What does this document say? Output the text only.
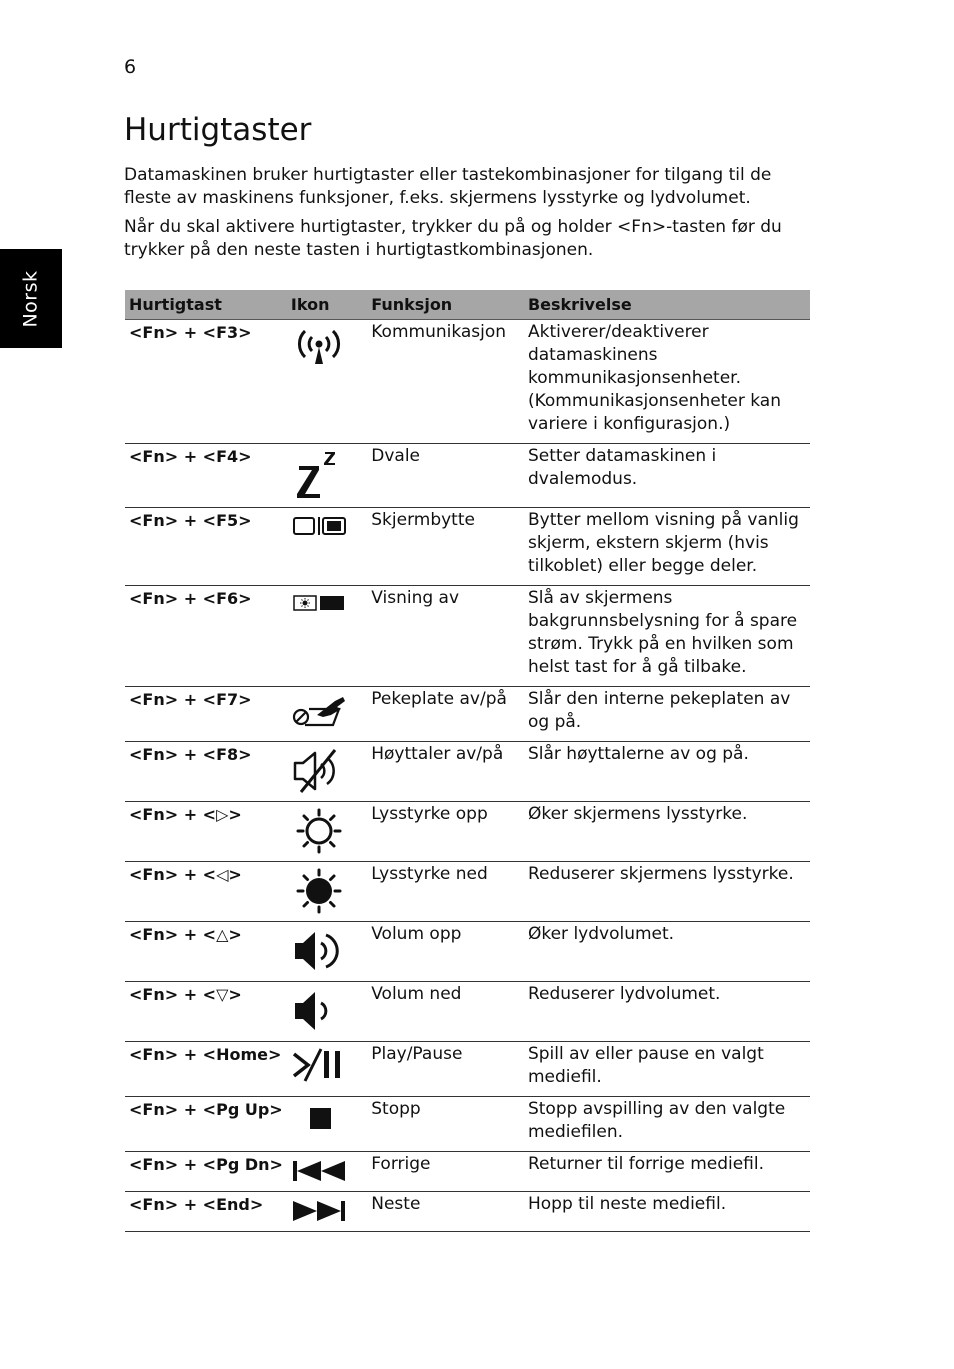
6
Norsk
Hurtigtaster

Datamaskinen bruker hurtigtaster eller tastekombinasjoner for tilgang til de fleste av maskinens funksjoner, f.eks. skjermens lysstyrke og lydvolumet.

Når du skal aktivere hurtigtaster, trykker du på og holder <Fn>-tasten før du trykker på den neste tasten i hurtigtastkombinasjonen.

Hurtigtast	Ikon	Funksjon	Beskrivelse
<Fn> + <F3>		Kommunikasjon	Aktiverer/deaktiverer datamaskinens kommunikasjonsenheter. (Kommunikasjonsenheter kan variere i konfigurasjon.)
<Fn> + <F4>		Dvale	Setter datamaskinen i dvalemodus.
<Fn> + <F5>		Skjermbytte	Bytter mellom visning på vanlig skjerm, ekstern skjerm (hvis tilkoblet) eller begge deler.
<Fn> + <F6>		Visning av	Slå av skjermens bakgrunnsbelysning for å spare strøm. Trykk på en hvilken som helst tast for å gå tilbake.
<Fn> + <F7>		Pekeplate av/på	Slår den interne pekeplaten av og på.
<Fn> + <F8>		Høyttaler av/på	Slår høyttalerne av og på.
<Fn> + <▷>		Lysstyrke opp	Øker skjermens lysstyrke.
<Fn> + <◁>		Lysstyrke ned	Reduserer skjermens lysstyrke.
<Fn> + <△>		Volum opp	Øker lydvolumet.
<Fn> + <▽>		Volum ned	Reduserer lydvolumet.
<Fn> + <Home>		Play/Pause	Spill av eller pause en valgt mediefil.
<Fn> + <Pg Up>		Stopp	Stopp avspilling av den valgte mediefilen.
<Fn> + <Pg Dn>		Forrige	Returner til forrige mediefil.
<Fn> + <End>		Neste	Hopp til neste mediefil.
